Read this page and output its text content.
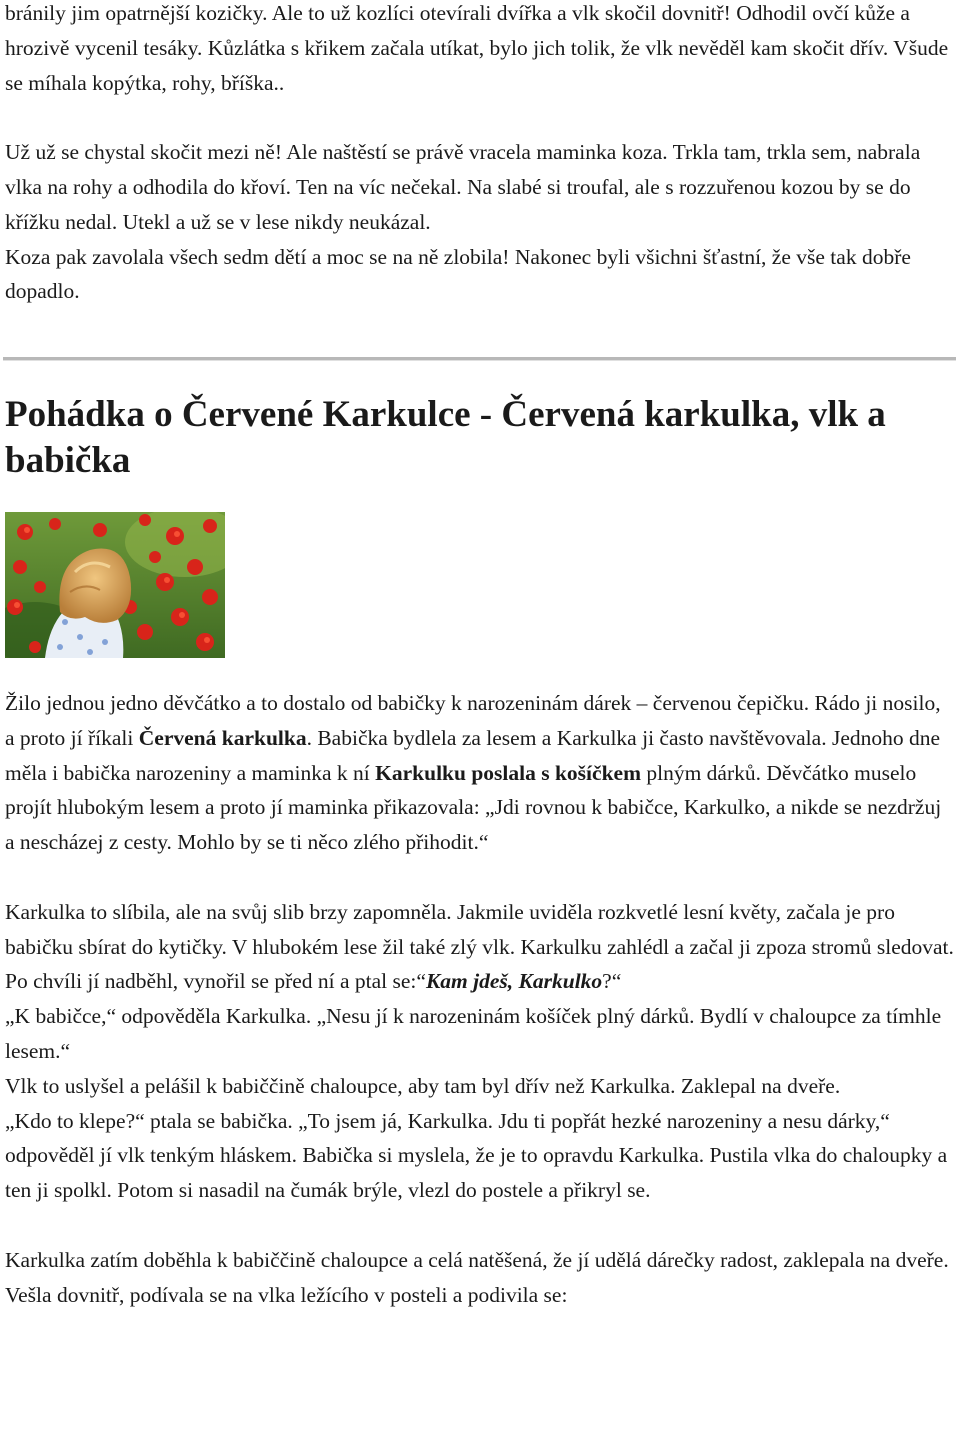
bránily jim opatrnější kozičky. Ale to už kozlíci otevírali dvířka a vlk skočil dovnitř! Odhodil ovčí kůže a hrozivě vycenil tesáky. Kůzlátka s křikem začala utíkat, bylo jich tolik, že vlk nevěděl kam skočit dřív. Všude se míhala kopýtka, rohy, bříška..

Už už se chystal skočit mezi ně! Ale naštěstí se právě vracela maminka koza. Trkla tam, trkla sem, nabrala vlka na rohy a odhodila do křoví. Ten na víc nečekal. Na slabé si troufal, ale s rozzuřenou kozou by se do křížku nedal. Utekl a už se v lese nikdy neukázal.

Koza pak zavolala všech sedm dětí a moc se na ně zlobila! Nakonec byli všichni šťastní, že vše tak dobře dopadlo.

Pohádka o Červené Karkulce - Červená karkulka, vlk a babička

Žilo jednou jedno děvčátko a to dostalo od babičky k narozeninám dárek – červenou čepičku. Rádo ji nosilo, a proto jí říkali Červená karkulka. Babička bydlela za lesem a Karkulka ji často navštěvovala. Jednoho dne měla i babička narozeniny a maminka k ní Karkulku poslala s košíčkem plným dárků. Děvčátko muselo projít hlubokým lesem a proto jí maminka přikazovala: „Jdi rovnou k babičce, Karkulko, a nikde se nezdržuj a nescházej z cesty. Mohlo by se ti něco zlého přihodit.“

Karkulka to slíbila, ale na svůj slib brzy zapomněla. Jakmile uviděla rozkvetlé lesní květy, začala je pro babičku sbírat do kytičky. V hlubokém lese žil také zlý vlk. Karkulku zahlédl a začal ji zpoza stromů sledovat. Po chvíli jí nadběhl, vynořil se před ní a ptal se:“Kam jdeš, Karkulko?“

„K babičce,“ odpověděla Karkulka. „Nesu jí k narozeninám košíček plný dárků. Bydlí v chaloupce za tímhle lesem.“

Vlk to uslyšel a pelášil k babiččině chaloupce, aby tam byl dřív než Karkulka. Zaklepal na dveře.

„Kdo to klepe?“ ptala se babička. „To jsem já, Karkulka. Jdu ti popřát hezké narozeniny a nesu dárky,“ odpověděl jí vlk tenkým hláskem. Babička si myslela, že je to opravdu Karkulka. Pustila vlka do chaloupky a ten ji spolkl. Potom si nasadil na čumák brýle, vlezl do postele a přikryl se.

Karkulka zatím doběhla k babiččině chaloupce a celá natěšená, že jí udělá dárečky radost, zaklepala na dveře. Vešla dovnitř, podívala se na vlka ležícího v posteli a podivila se:
